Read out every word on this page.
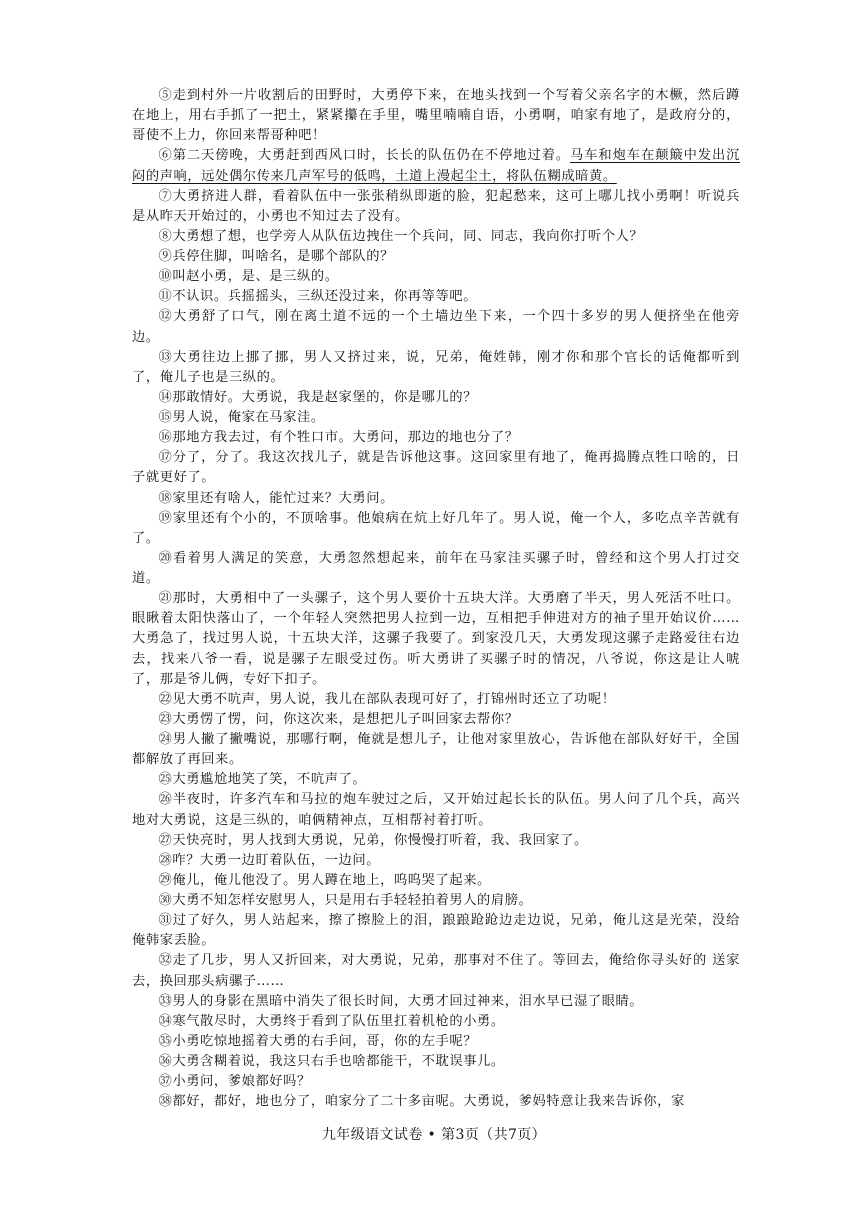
⑤走到村外一片收割后的田野时，大勇停下来，在地头找到一个写着父亲名字的木橛，然后蹲在地上，用右手抓了一把土，紧紧攥在手里，嘴里喃喃自语，小勇啊，咱家有地了，是政府分的，哥使不上力，你回来帮哥种吧！

⑥第二天傍晚，大勇赶到西风口时，长长的队伍仍在不停地过着。马车和炮车在颠簸中发出沉闷的声响，远处偶尔传来几声军号的低鸣，土道上漫起尘土，将队伍糊成暗黄。

⑦大勇挤进人群，看着队伍中一张张稍纵即逝的脸，犯起愁来，这可上哪儿找小勇啊！听说兵是从昨天开始过的，小勇也不知过去了没有。

⑧大勇想了想，也学旁人从队伍边拽住一个兵问，同、同志，我向你打听个人？

⑨兵停住脚，叫啥名，是哪个部队的？

⑩叫赵小勇，是、是三纵的。

⑪不认识。兵摇摇头，三纵还没过来，你再等等吧。

⑫大勇舒了口气，刚在离土道不远的一个土墙边坐下来，一个四十多岁的男人便挤坐在他旁边。

⑬大勇往边上挪了挪，男人又挤过来，说，兄弟，俺姓韩，刚才你和那个官长的话俺都听到了，俺儿子也是三纵的。

⑭那敢情好。大勇说，我是赵家堡的，你是哪儿的？

⑮男人说，俺家在马家洼。

⑯那地方我去过，有个牲口市。大勇问，那边的地也分了？

⑰分了，分了。我这次找儿子，就是告诉他这事。这回家里有地了，俺再捣腾点牲口啥的，日子就更好了。

⑱家里还有啥人，能忙过来？大勇问。

⑲家里还有个小的，不顶啥事。他娘病在炕上好几年了。男人说，俺一个人，多吃点辛苦就有了。

⑳看着男人满足的笑意，大勇忽然想起来，前年在马家洼买骡子时，曾经和这个男人打过交道。

㉑那时，大勇相中了一头骡子，这个男人要价十五块大洋。大勇磨了半天，男人死活不吐口。眼瞅着太阳快落山了，一个年轻人突然把男人拉到一边，互相把手伸进对方的袖子里开始议价……大勇急了，找过男人说，十五块大洋，这骡子我要了。到家没几天，大勇发现这骡子走路爱往右边去，找来八爷一看，说是骡子左眼受过伤。听大勇讲了买骡子时的情况，八爷说，你这是让人唬了，那是爷儿俩，专好下扣子。

㉒见大勇不吭声，男人说，我儿在部队表现可好了，打锦州时还立了功呢！

㉓大勇愣了愣，问，你这次来，是想把儿子叫回家去帮你？

㉔男人撇了撇嘴说，那哪行啊，俺就是想儿子，让他对家里放心，告诉他在部队好好干，全国都解放了再回来。

㉕大勇尴尬地笑了笑，不吭声了。

㉖半夜时，许多汽车和马拉的炮车驶过之后，又开始过起长长的队伍。男人问了几个兵，高兴地对大勇说，这是三纵的，咱俩精神点，互相帮衬着打听。

㉗天快亮时，男人找到大勇说，兄弟，你慢慢打听着，我、我回家了。

㉘咋？大勇一边盯着队伍，一边问。

㉙俺儿，俺儿他没了。男人蹲在地上，呜呜哭了起来。

㉚大勇不知怎样安慰男人，只是用右手轻轻拍着男人的肩膀。

㉛过了好久，男人站起来，擦了擦脸上的泪，踉踉跄跄边走边说，兄弟，俺儿这是光荣，没给俺韩家丢脸。

㉜走了几步，男人又折回来，对大勇说，兄弟，那事对不住了。等回去，俺给你寻头好的 送家去，换回那头病骡子……

㉝男人的身影在黑暗中消失了很长时间，大勇才回过神来，泪水早已湿了眼睛。

㉞寒气散尽时，大勇终于看到了队伍里扛着机枪的小勇。

㉟小勇吃惊地摇着大勇的右手问，哥，你的左手呢？

㊱大勇含糊着说，我这只右手也啥都能干，不耽误事儿。

㊲小勇问，爹娘都好吗？

㊳都好，都好，地也分了，咱家分了二十多亩呢。大勇说，爹妈特意让我来告诉你，家

九年级语文试卷 • 第3页（共7页）
